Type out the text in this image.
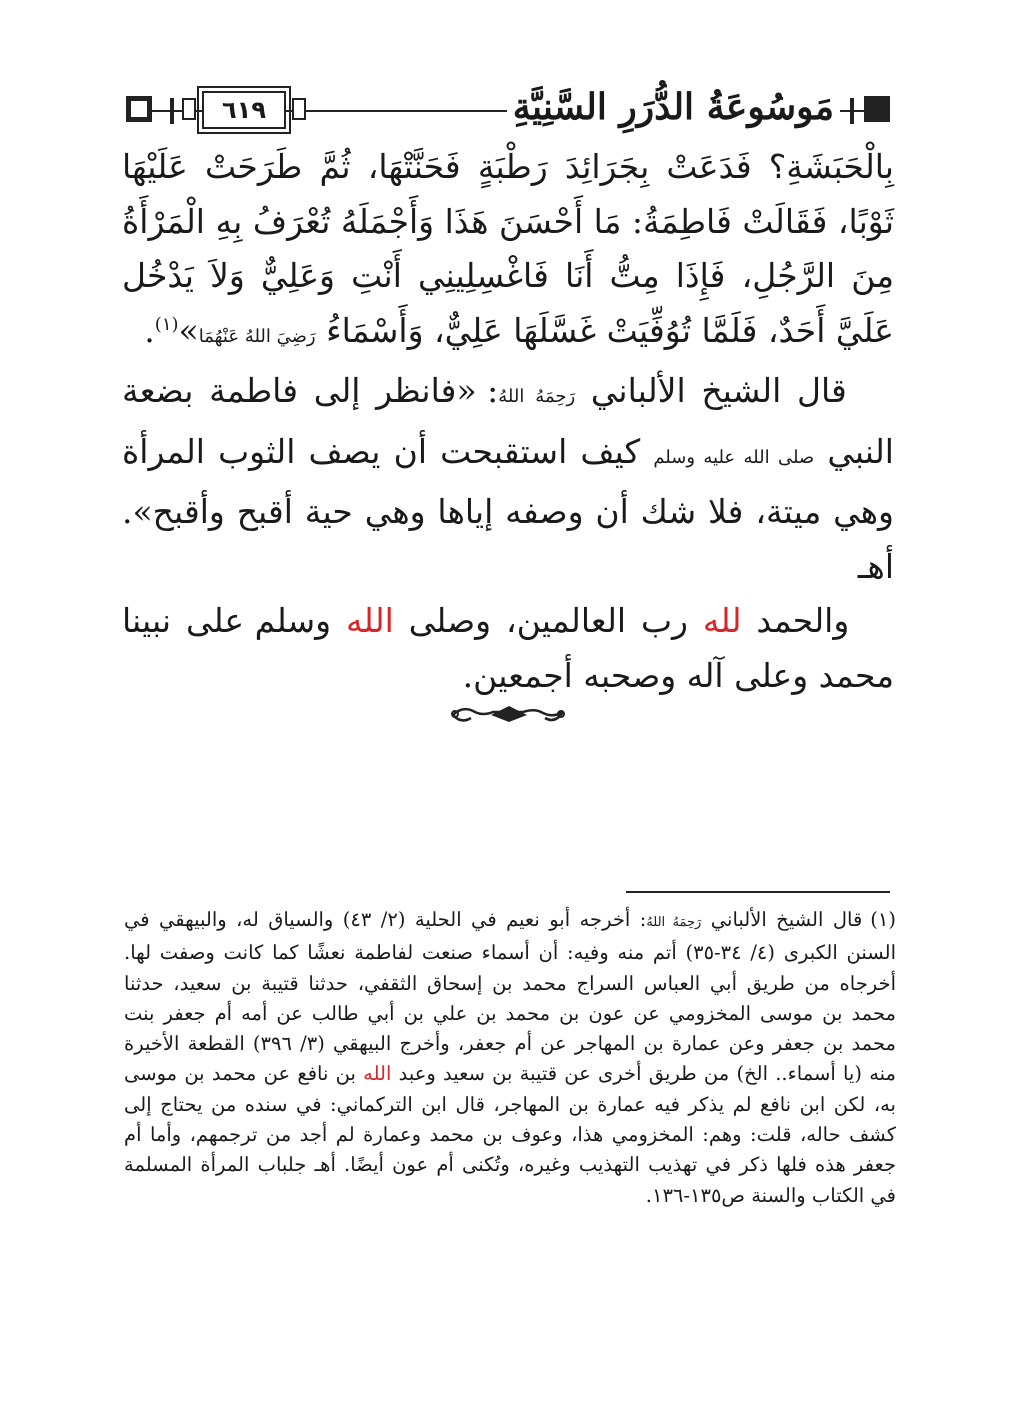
٦١٩	مَوسُوعَةُ الدُّرَرِ السَّنِيَّةِ

بِالْحَبَشَةِ؟ فَدَعَتْ بِجَرَائِدَ رَطْبَةٍ فَحَنَّتْهَا، ثُمَّ طَرَحَتْ عَلَيْهَا ثَوْبًا، فَقَالَتْ فَاطِمَةُ: مَا أَحْسَنَ هَذَا وَأَجْمَلَهُ تُعْرَفُ بِهِ الْمَرْأَةُ مِنَ الرَّجُلِ، فَإِذَا مِتُّ أَنَا فَاغْسِلِينِي أَنْتِ وَعَلِيٌّ وَلاَ يَدْخُل عَلَيَّ أَحَدٌ، فَلَمَّا تُوُفِّيَتْ غَسَّلَهَا عَلِيٌّ، وَأَسْمَاءُ رَضِيَ اللهُ عَنْهُمَا»$^{(١)}$.

قال الشيخ الألباني رَحِمَهُ اللهُ: «فانظر إلى فاطمة بضعة النبي صلى الله عليه وسلم كيف استقبحت أن يصف الثوب المرأة وهي ميتة، فلا شك أن وصفه إياها وهي حية أقبح وأقبح». أهـ

والحمد لله رب العالمين، وصلى الله وسلم على نبينا محمد وعلى آله وصحبه أجمعين.

(١)قال الشيخ الألباني رَحِمَهُ اللهُ: أخرجه أبو نعيم في الحلية (٢/ ٤٣) والسياق له، والبيهقي في السنن الكبرى (٤/ ٣٤-٣٥) أتم منه وفيه: أن أسماء صنعت لفاطمة نعشًا كما كانت وصفت لها. أخرجاه من طريق أبي العباس السراج محمد بن إسحاق الثقفي، حدثنا قتيبة بن سعيد، حدثنا محمد بن موسى المخزومي عن عون بن محمد بن علي بن أبي طالب عن أمه أم جعفر بنت محمد بن جعفر وعن عمارة بن المهاجر عن أم جعفر، وأخرج البيهقي (٣/ ٣٩٦) القطعة الأخيرة منه (يا أسماء.. الخ) من طريق أخرى عن قتيبة بن سعيد وعبد الله بن نافع عن محمد بن موسى به، لكن ابن نافع لم يذكر فيه عمارة بن المهاجر، قال ابن التركماني: في سنده من يحتاج إلى كشف حاله، قلت: وهم: المخزومي هذا، وعوف بن محمد وعمارة لم أجد من ترجمهم، وأما أم جعفر هذه فلها ذكر في تهذيب التهذيب وغيره، وتُكنى أم عون أيضًا. أهـ جلباب المرأة المسلمة في الكتاب والسنة ص١٣٥-١٣٦.
